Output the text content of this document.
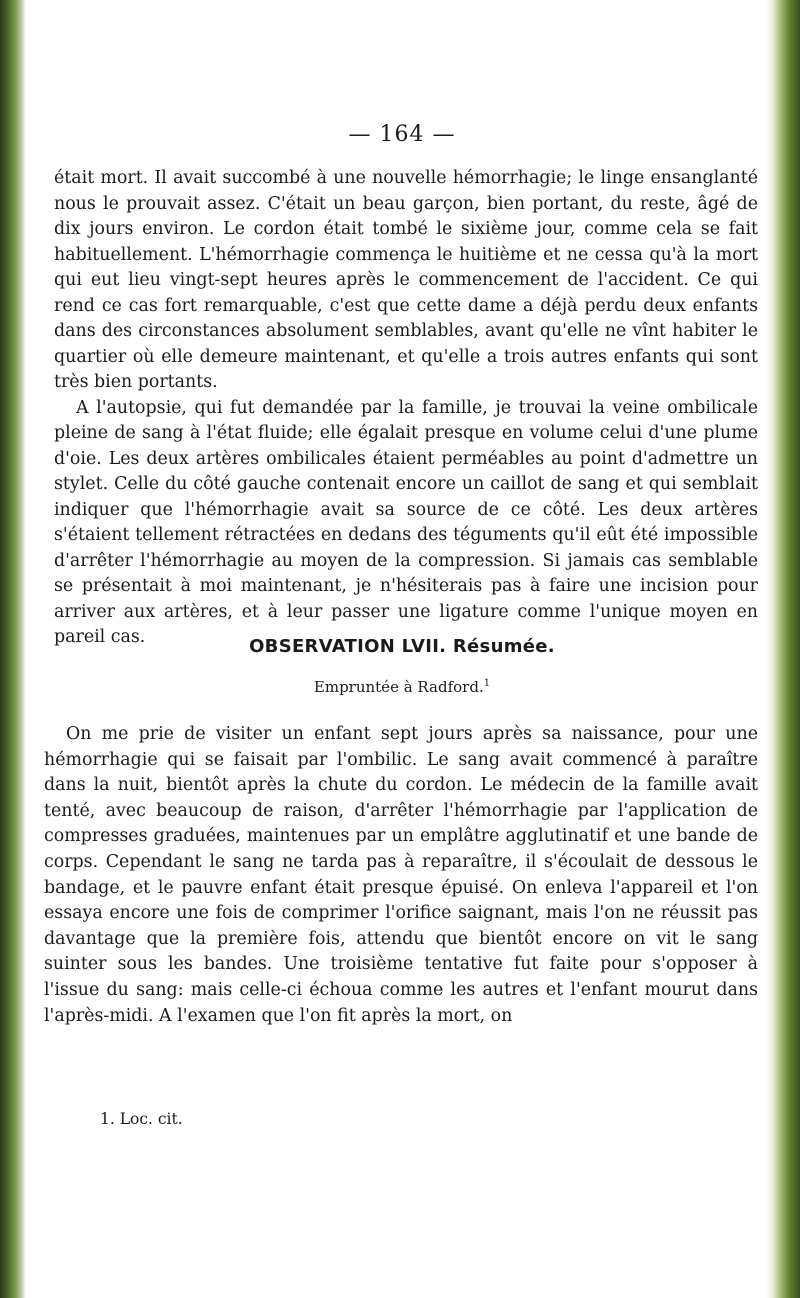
— 164 —

était mort. Il avait succombé à une nouvelle hémorrhagie; le linge ensanglanté nous le prouvait assez. C'était un beau garçon, bien portant, du reste, âgé de dix jours environ. Le cordon était tombé le sixième jour, comme cela se fait habituellement. L'hémorrhagie commença le huitième et ne cessa qu'à la mort qui eut lieu vingt-sept heures après le commencement de l'accident. Ce qui rend ce cas fort remarquable, c'est que cette dame a déjà perdu deux enfants dans des circonstances absolument semblables, avant qu'elle ne vînt habiter le quartier où elle demeure maintenant, et qu'elle a trois autres enfants qui sont très bien portants.

A l'autopsie, qui fut demandée par la famille, je trouvai la veine ombilicale pleine de sang à l'état fluide; elle égalait presque en volume celui d'une plume d'oie. Les deux artères ombilicales étaient perméables au point d'admettre un stylet. Celle du côté gauche contenait encore un caillot de sang et qui semblait indiquer que l'hémorrhagie avait sa source de ce côté. Les deux artères s'étaient tellement rétractées en dedans des téguments qu'il eût été impossible d'arrêter l'hémorrhagie au moyen de la compression. Si jamais cas semblable se présentait à moi maintenant, je n'hésiterais pas à faire une incision pour arriver aux artères, et à leur passer une ligature comme l'unique moyen en pareil cas.	OBSERVATION LVII. Résumée.
Empruntée à Radford.$^1$

On me prie de visiter un enfant sept jours après sa naissance, pour une hémorrhagie qui se faisait par l'ombilic. Le sang avait commencé à paraître dans la nuit, bientôt après la chute du cordon. Le médecin de la famille avait tenté, avec beaucoup de raison, d'arrêter l'hémorrhagie par l'application de compresses graduées, maintenues par un emplâtre agglutinatif et une bande de corps. Cependant le sang ne tarda pas à reparaître, il s'écoulait de dessous le bandage, et le pauvre enfant était presque épuisé. On enleva l'appareil et l'on essaya encore une fois de comprimer l'orifice saignant, mais l'on ne réussit pas davantage que la première fois, attendu que bientôt encore on vit le sang suinter sous les bandes. Une troisième tentative fut faite pour s'opposer à l'issue du sang: mais celle-ci échoua comme les autres et l'enfant mourut dans l'après-midi. A l'examen que l'on fit après la mort, on

1. Loc. cit.
